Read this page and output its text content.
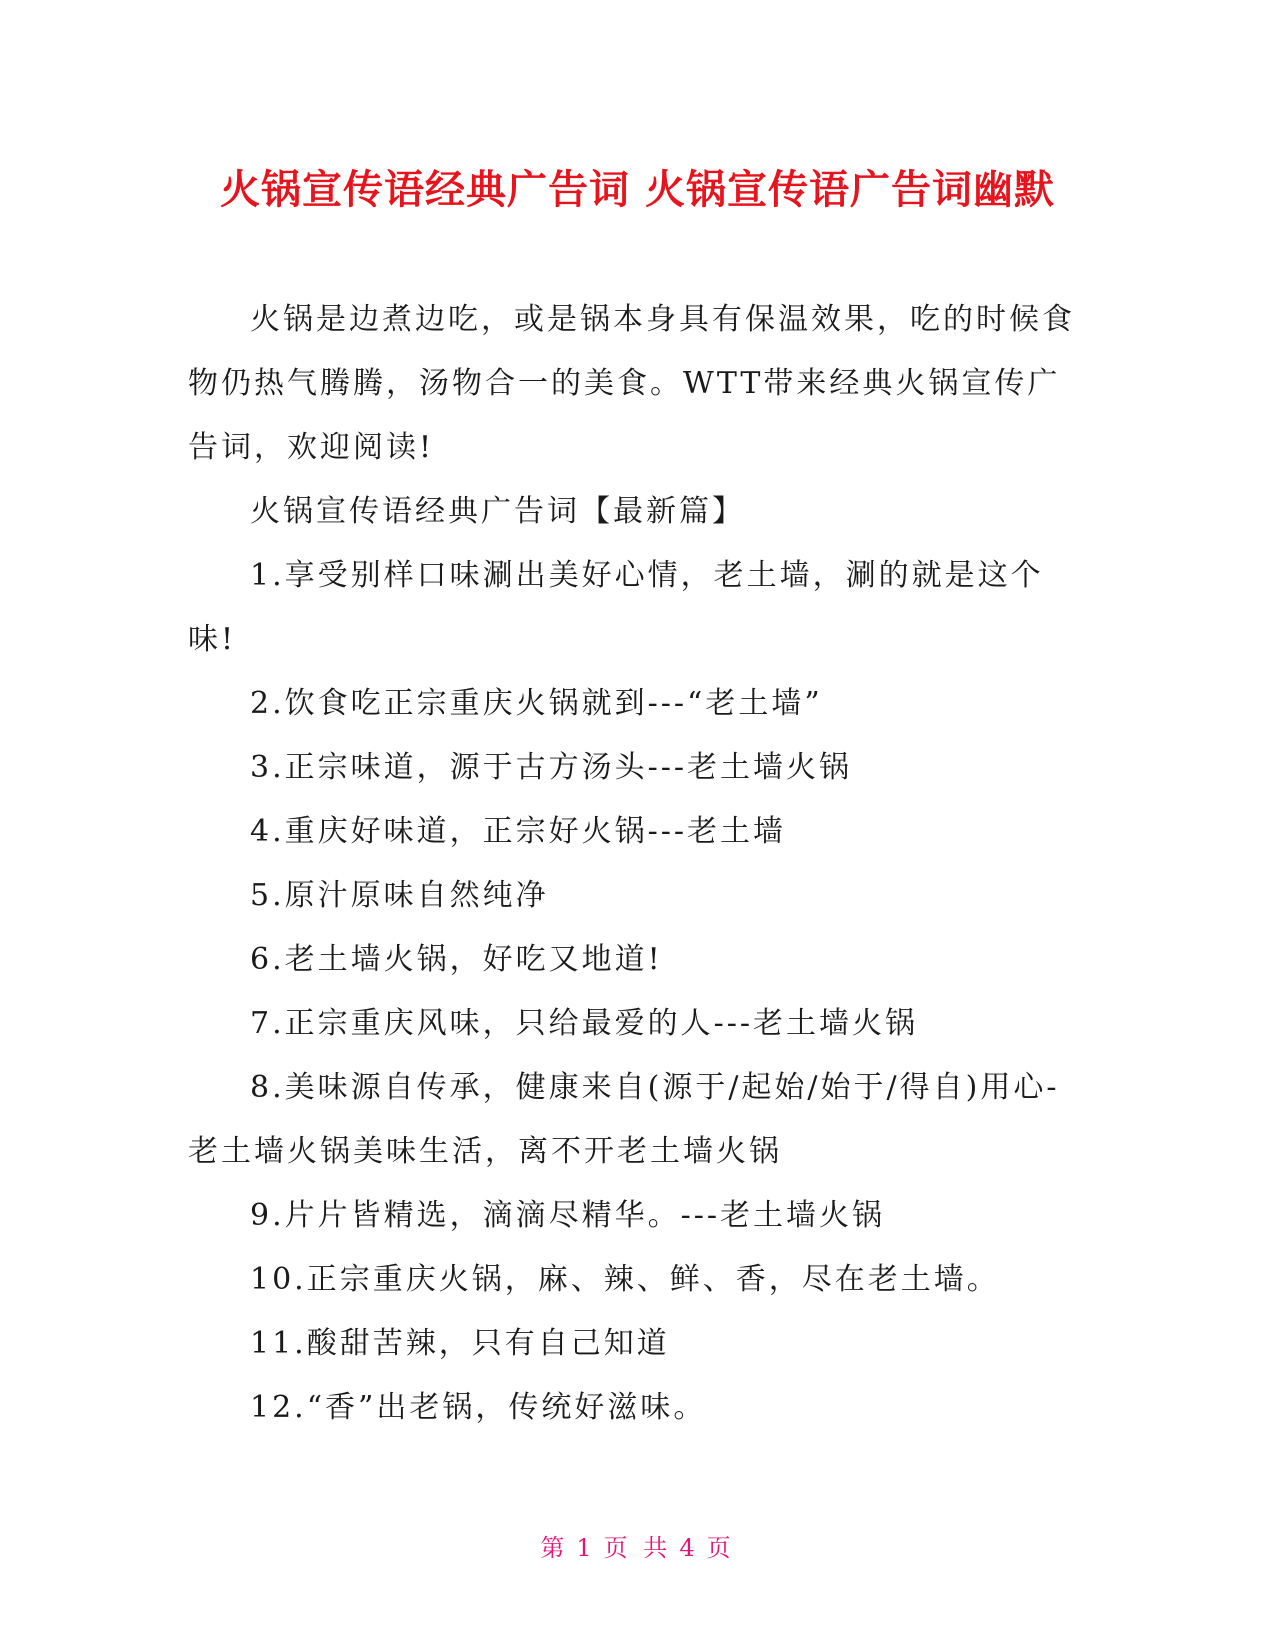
火锅宣传语经典广告词 火锅宣传语广告词幽默

火锅是边煮边吃，或是锅本身具有保温效果，吃的时候食物仍热气腾腾，汤物合一的美食。WTT带来经典火锅宣传广告词，欢迎阅读!

火锅宣传语经典广告词【最新篇】

1.享受别样口味涮出美好心情，老土墙，涮的就是这个味!

2.饮食吃正宗重庆火锅就到---“老土墙”

3.正宗味道，源于古方汤头---老土墙火锅

4.重庆好味道，正宗好火锅---老土墙

5.原汁原味自然纯净

6.老土墙火锅，好吃又地道!

7.正宗重庆风味，只给最爱的人---老土墙火锅

8.美味源自传承，健康来自(源于/起始/始于/得自)用心-老土墙火锅美味生活，离不开老土墙火锅

9.片片皆精选，滴滴尽精华。---老土墙火锅

10.正宗重庆火锅，麻、辣、鲜、香，尽在老土墙。

11.酸甜苦辣，只有自己知道

12.“香”出老锅，传统好滋味。

第 1 页 共 4 页
